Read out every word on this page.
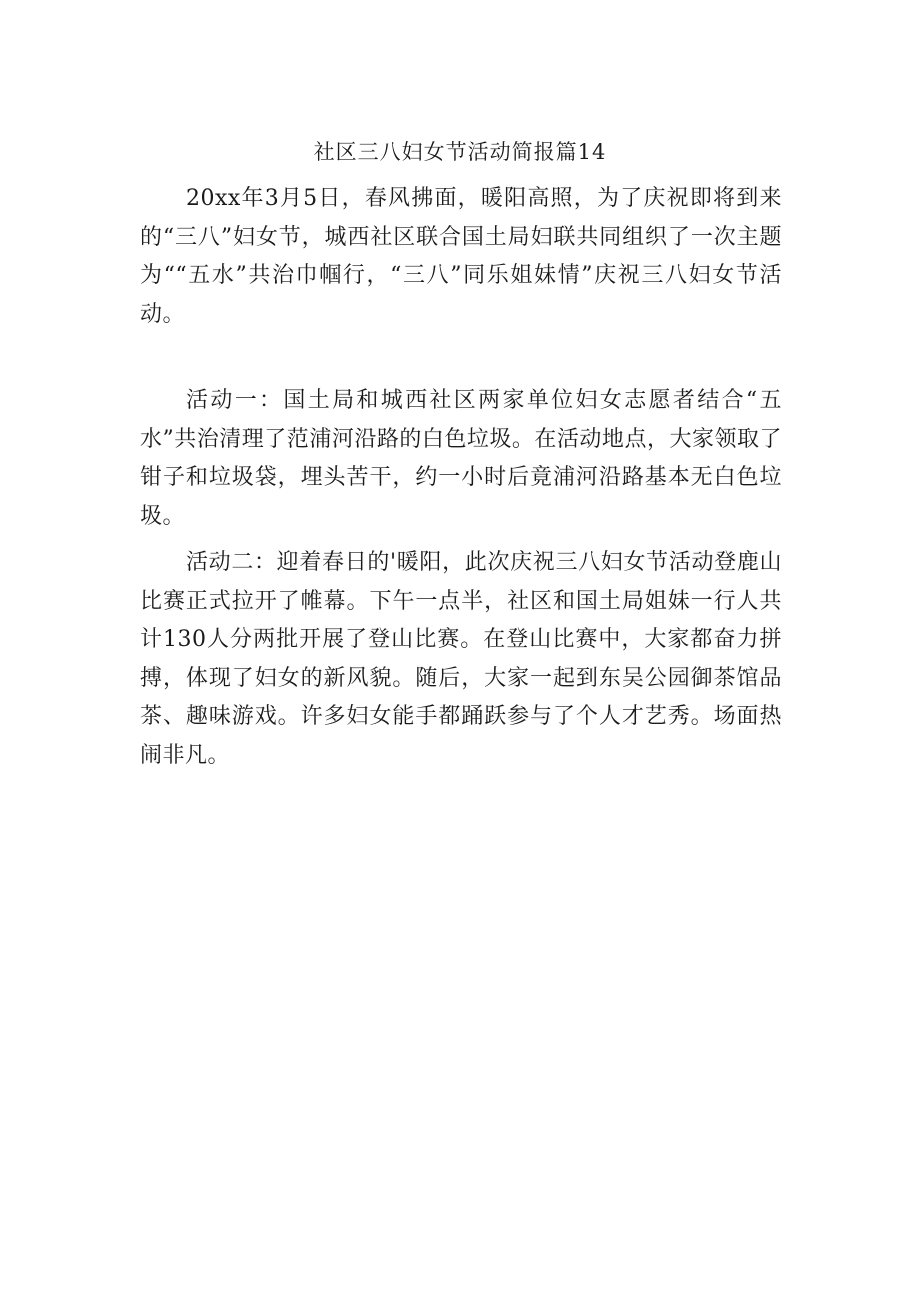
社区三八妇女节活动简报篇14

20xx年3月5日，春风拂面，暖阳高照，为了庆祝即将到来的“三八”妇女节，城西社区联合国土局妇联共同组织了一次主题为““五水”共治巾帼行，“三八”同乐姐妹情”庆祝三八妇女节活动。

活动一：国土局和城西社区两家单位妇女志愿者结合“五水”共治清理了范浦河沿路的白色垃圾。在活动地点，大家领取了钳子和垃圾袋，埋头苦干，约一小时后竟浦河沿路基本无白色垃圾。

活动二：迎着春日的'暖阳，此次庆祝三八妇女节活动登鹿山比赛正式拉开了帷幕。下午一点半，社区和国土局姐妹一行人共计130人分两批开展了登山比赛。在登山比赛中，大家都奋力拼搏，体现了妇女的新风貌。随后，大家一起到东吴公园御茶馆品茶、趣味游戏。许多妇女能手都踊跃参与了个人才艺秀。场面热闹非凡。
